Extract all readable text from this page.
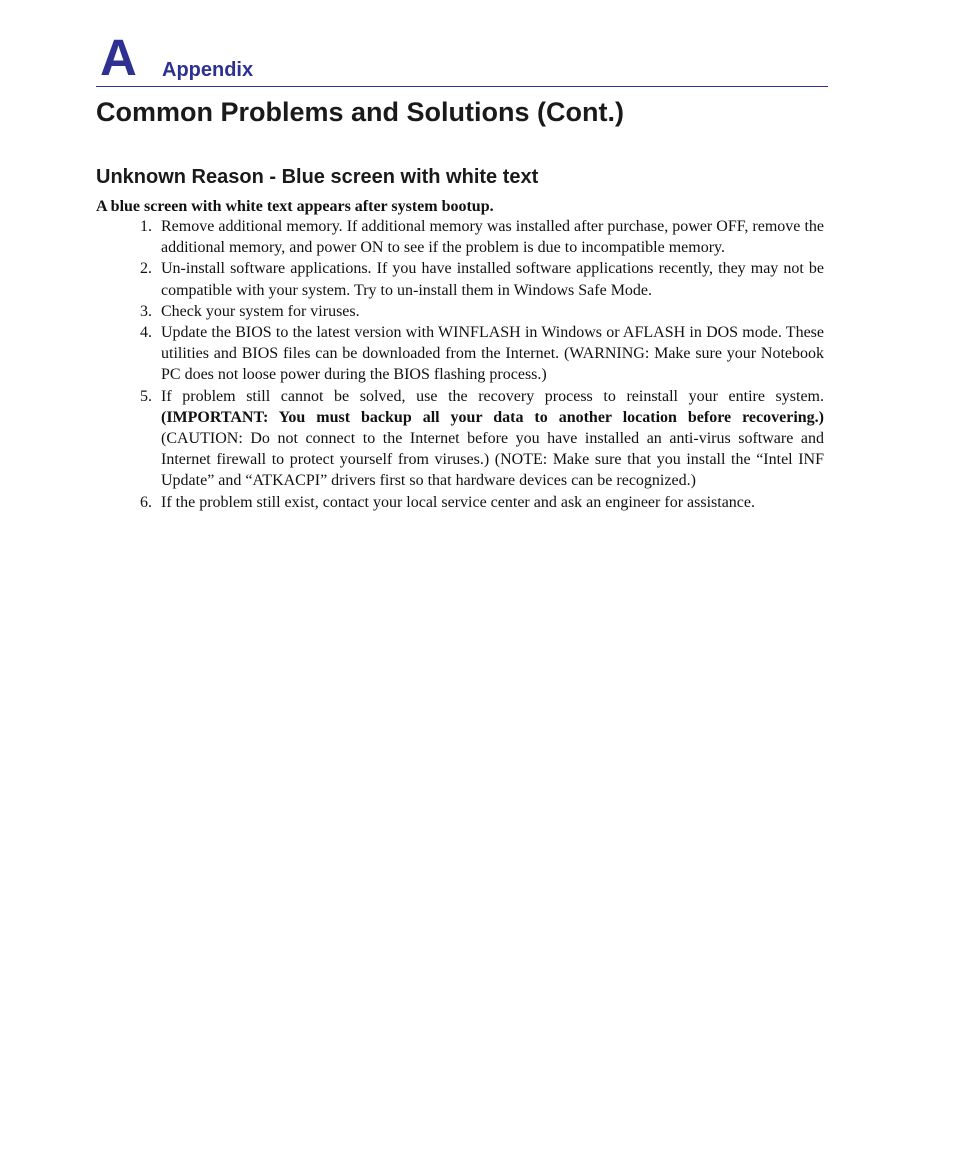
A Appendix
Common Problems and Solutions (Cont.)
Unknown Reason - Blue screen with white text

A blue screen with white text appears after system bootup.

1. Remove additional memory. If additional memory was installed after purchase, power OFF, remove the additional memory, and power ON to see if the problem is due to incompatible memory.
2. Un-install software applications. If you have installed software applications recently, they may not be compatible with your system. Try to un-install them in Windows Safe Mode.
3. Check your system for viruses.
4. Update the BIOS to the latest version with WINFLASH in Windows or AFLASH in DOS mode. These utilities and BIOS files can be downloaded from the Internet. (WARNING: Make sure your Notebook PC does not loose power during the BIOS flashing process.)
5. If problem still cannot be solved, use the recovery process to reinstall your entire system. (IMPORTANT: You must backup all your data to another location before recovering.) (CAUTION: Do not connect to the Internet before you have installed an anti-virus software and Internet firewall to protect yourself from viruses.) (NOTE: Make sure that you install the “Intel INF Update” and “ATKACPI” drivers first so that hardware devices can be recognized.)
6. If the problem still exist, contact your local service center and ask an engineer for assistance.
